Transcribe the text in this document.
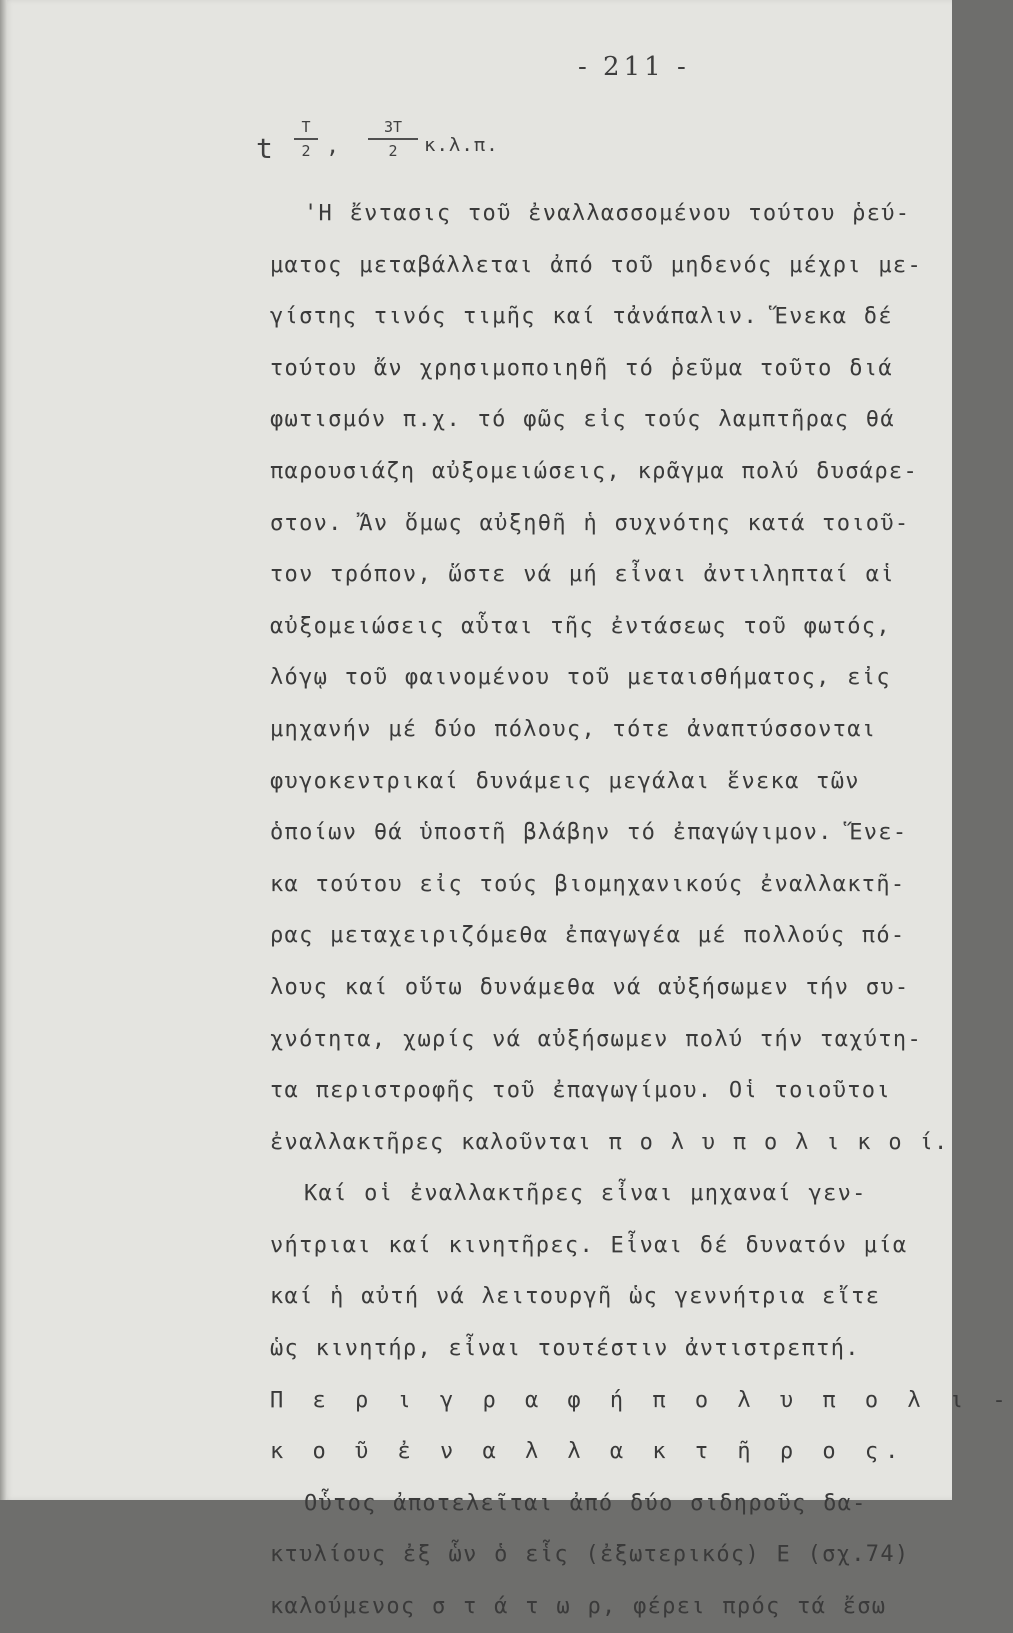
- 211 -
t
T
2 ,
3T
2	κ.λ.π.
'Η ἔντασις τοῦ ἐναλλασσομένου τούτου ῥεύ-
ματος μεταβάλλεται ἀπό τοῦ μηδενός μέχρι με-
γίστης τινός τιμῆς καί τἀνάπαλιν. Ἕνεκα δέ
τούτου ἄν χρησιμοποιηθῆ τό ῥεῦμα τοῦτο διά
φωτισμόν π.χ. τό φῶς εἰς τούς λαμπτῆρας θά
παρουσιάζη αὐξομειώσεις, κρᾶγμα πολύ δυσάρε-
στον. Ἄν ὅμως αὐξηθῆ ἡ συχνότης κατά τοιοῦ-
τον τρόπον, ὥστε νά μή εἶναι ἀντιληπταί αἱ
αὐξομειώσεις αὗται τῆς ἐντάσεως τοῦ φωτός,
λόγῳ τοῦ φαινομένου τοῦ μεταισθήματος, εἰς
μηχανήν μέ δύο πόλους, τότε ἀναπτύσσονται
φυγοκεντρικαί δυνάμεις μεγάλαι ἕνεκα τῶν
ὁποίων θά ὑποστῆ βλάβην τό ἐπαγώγιμον. Ἕνε-
κα τούτου εἰς τούς βιομηχανικούς ἐναλλακτῆ-
ρας μεταχειριζόμεθα ἐπαγωγέα μέ πολλούς πό-
λους καί οὕτω δυνάμεθα νά αὐξήσωμεν τήν συ-
χνότητα, χωρίς νά αὐξήσωμεν πολύ τήν ταχύτη-
τα περιστροφῆς τοῦ ἐπαγωγίμου. Οἱ τοιοῦτοι
ἐναλλακτῆρες καλοῦνται π ο λ υ π ο λ ι κ ο ί.
Καί οἱ ἐναλλακτῆρες εἶναι μηχαναί γεν-
νήτριαι καί κινητῆρες. Εἶναι δέ δυνατόν μία
καί ἡ αὐτή νά λειτουργῆ ὡς γεννήτρια εἴτε
ὡς κινητήρ, εἶναι τουτέστιν ἀντιστρεπτή.
Π ε ρ ι γ ρ α φ ή π ο λ υ π ο λ ι -
κ ο ῦ ἐ ν α λ λ α κ τ ῆ ρ ο ς.
Οὗτος ἀποτελεῖται ἀπό δύο σιδηροῦς δα-
κτυλίους ἐξ ὧν ὁ εἷς (ἐξωτερικός) Ε (σχ.74)
καλούμενος σ τ ά τ ω ρ, φέρει πρός τά ἔσω
